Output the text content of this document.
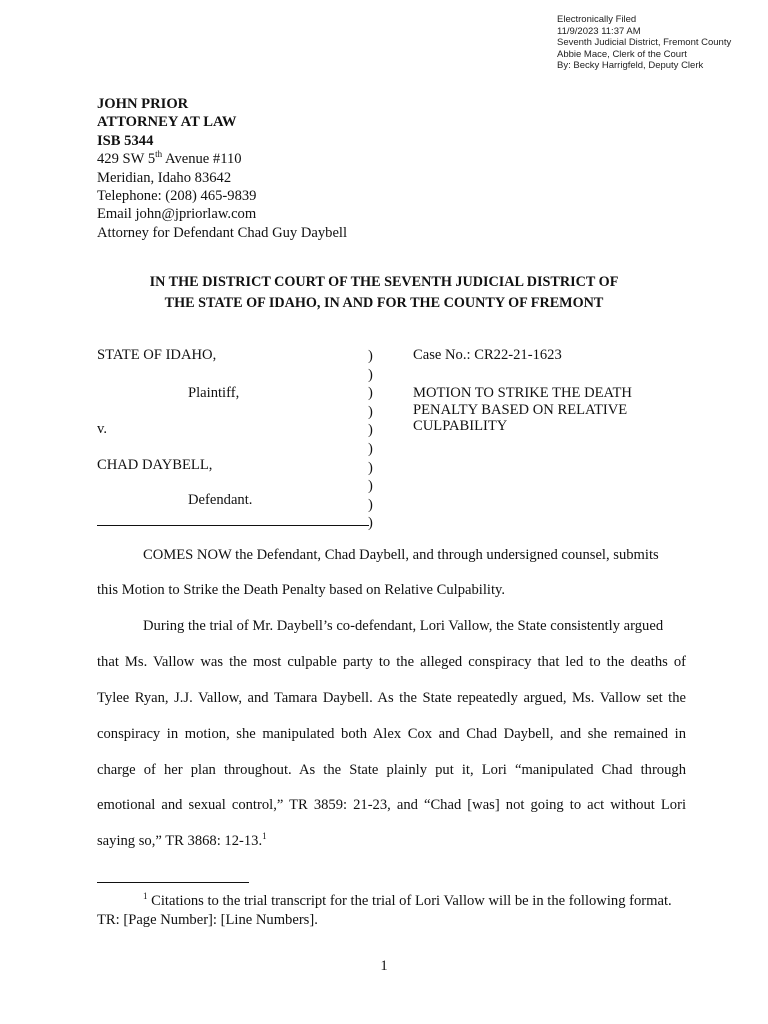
Electronically Filed
11/9/2023 11:37 AM
Seventh Judicial District, Fremont County
Abbie Mace, Clerk of the Court
By: Becky Harrigfeld, Deputy Clerk
JOHN PRIOR
ATTORNEY AT LAW
ISB 5344
429 SW 5th Avenue #110
Meridian, Idaho 83642
Telephone: (208) 465-9839
Email john@jpriorlaw.com
Attorney for Defendant Chad Guy Daybell
IN THE DISTRICT COURT OF THE SEVENTH JUDICIAL DISTRICT OF
THE STATE OF IDAHO, IN AND FOR THE COUNTY OF FREMONT
STATE OF IDAHO,
Plaintiff,
v.
CHAD DAYBELL,
Defendant.
)
)
)
)
)
)
)
)
)
)
Case No.: CR22-21-1623
MOTION TO STRIKE THE DEATH
PENALTY BASED ON RELATIVE
CULPABILITY
COMES NOW the Defendant, Chad Daybell, and through undersigned counsel, submits
this Motion to Strike the Death Penalty based on Relative Culpability.
During the trial of Mr. Daybell’s co-defendant, Lori Vallow, the State consistently argued
that Ms. Vallow was the most culpable party to the alleged conspiracy that led to the deaths of
Tylee Ryan, J.J. Vallow, and Tamara Daybell. As the State repeatedly argued, Ms. Vallow set the
conspiracy in motion, she manipulated both Alex Cox and Chad Daybell, and she remained in
charge of her plan throughout. As the State plainly put it, Lori “manipulated Chad through
emotional and sexual control,” TR 3859: 21-23, and “Chad [was] not going to act without Lori
saying so,” TR 3868: 12-13.$^1$
$^1$ Citations to the trial transcript for the trial of Lori Vallow will be in the following format.
TR: [Page Number]: [Line Numbers].
1
